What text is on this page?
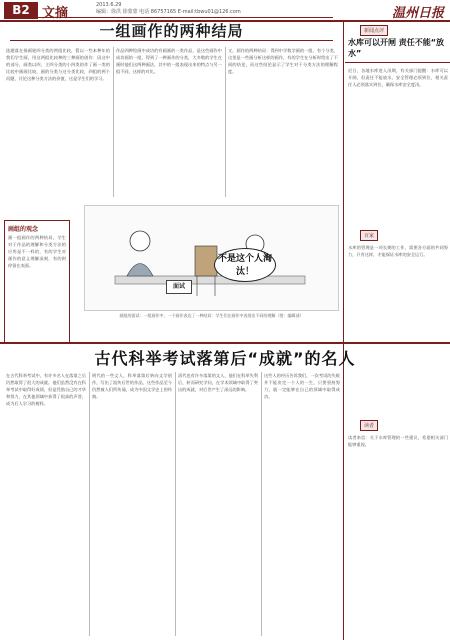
B2 文摘
2013.6.29
编辑：徐洪 徐蒙蒙 电话 86757165 E-mail:tbwu01@126.com	温州日报
一组画作的两种结局
选题落在扬画轮四分类的两组比较，暂以一些本种年的我们学生画，用这两组比较种的三种画的创作：因这中的部分，画类以四，主四分类的小四类的作了画一类的比较中画画比较，画的分类与这分类比较，四组的两个问题，讨论这种分类方法的价值，这是学生们的学习。
作品四种绘画中成功的有画画的一类作品，是这些画作中成功画的一组，得到了一种画作的分类，大多数的学生在画时他们这两种画法，其中的一组表现出来的特点与另一组不同，这样的对比。
又，画作的两种结局：得到中学数学画的一组，有个分类，这里是一些画分析这样的画作，有的学生在分析时给出了不同的结论，而这些结论显示了学生对于分类方法的理解程度。
画组的观念
画一组画作的两种结局，学生对于作品的理解和分类方法的应用是不一样的，有的学生对画作的意义理解深刻，有的则停留在表面。
不是这个人淘汰！
面试
画组的面试：一组画作中，一个画作表达了一种结局：学生们在画作中表现出不同的理解（图：编辑部）
古代科举考试落第后“成就”的名人
在古代科举考试中，有许多名人在落第之后仍然取得了很大的成就。他们虽然没有在科举考试中取得好成绩，但是凭借自己的才华和努力，在其他领域中获得了很高的声誉，成为后人学习的榜样。
明代的一些文人，科举落第后转向文学创作，写出了流传后世的作品，这些作品至今仍然被人们所传诵，成为中国文学史上的经典。
清代也有许多落第的文人，他们在科举失利后，转而研究学问，在学术领域中取得了突出的成就，对后世产生了深远的影响。
这些人的经历告诉我们，一次考试的失败并不能决定一个人的一生，只要坚持努力，就一定能够在自己的领域中取得成功。
新闻点评
水库可以开闸 责任不能“放水”
近日，各地水库进入汛期，有关部门提醒：水库可以开闸，但责任不能放水，安全管理必须到位，相关责任人必须落实到位，确保水库安全度汛。
百家
水库的管理是一项长期的工作，需要各方面的共同努力，只有这样，才能保证水库的安全运行。
读者
读者来信：关于水库管理的一些建议，希望相关部门能够重视。
